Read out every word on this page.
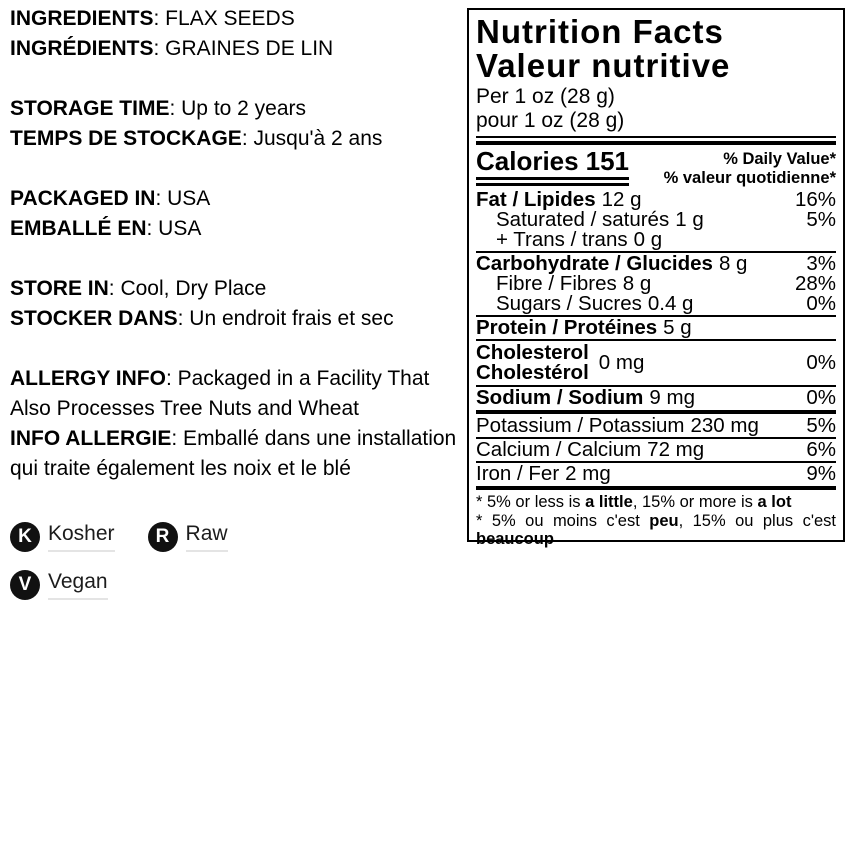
INGREDIENTS: FLAX SEEDS

INGRÉDIENTS: GRAINES DE LIN

STORAGE TIME: Up to 2 years

TEMPS DE STOCKAGE: Jusqu'à 2 ans

PACKAGED IN: USA

EMBALLÉ EN: USA

STORE IN: Cool, Dry Place

STOCKER DANS: Un endroit frais et sec

ALLERGY INFO: Packaged in a Facility That Also Processes Tree Nuts and Wheat

INFO ALLERGIE: Emballé dans une installation qui traite également les noix et le blé

K Kosher R Raw
V Vegan
Nutrition Facts
Valeur nutritive
Per 1 oz (28 g)
pour 1 oz (28 g)
Calories 151	% Daily Value*
% valeur quotidienne*
Fat / Lipides 12 g	16%
Saturated / saturés 1 g	5%
+ Trans / trans 0 g
Carbohydrate / Glucides 8 g	3%
Fibre / Fibres 8 g	28%
Sugars / Sucres 0.4 g	0%
Protein / Protéines 5 g
Cholesterol
Cholestérol 0 mg	0%
Sodium / Sodium 9 mg	0%
Potassium / Potassium 230 mg 5%
Calcium / Calcium 72 mg	6%
Iron / Fer 2 mg	9%
* 5% or less is a little, 15% or more is a lot
* 5% ou moins c'est peu, 15% ou plus c'est
beaucoup
